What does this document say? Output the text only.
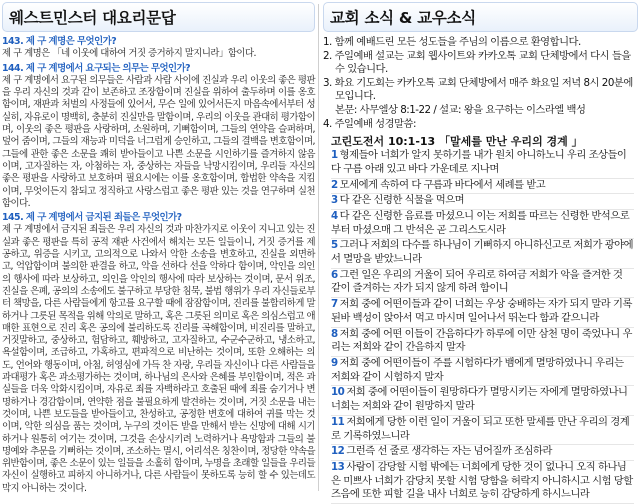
웨스트민스터 대요리문답
143. 제 구 계명은 무엇인가?
제 구 계명은 「네 이웃에 대하여 거짓 증거하지 말지니라」함이다.
144. 제 구 계명에서 요구되는 의무는 무엇인가?
제 구 계명에서 요구된 의무들은 사람과 사람 사이에 진실과 우리 이웃의 좋은 평판을 우리 자신의 것과 같이 보존하고 조장함이며 진실을 위하여 출두하며 이를 옹호함이며, 재판과 처벌의 사정들에 있어서, 무슨 일에 있어서든지 마음속에서부터 성실히, 자유로이 명백히, 충분히 진실만을 말함이며, 우리의 이웃을 관대히 평가함이며, 이웃의 좋은 평판을 사랑하며, 소원하며, 기뻐함이며, 그들의 연약을 슬퍼하며, 덮어 줌이며, 그들의 재능과 미덕을 너그럽게 승인하고, 그들의 결백을 변호함이며, 그들에 관한 좋은 소문을 쾌히 받아들이고 나쁜 소문을 시인하기를 즐겨하지 않음이며, 고자질하는 자, 아첨하는 자, 중상하는 자들을 낙망시킴이며, 우리들 자신의 좋은 평판을 사랑하고 보호하며 필요시에는 이를 옹호함이며, 합법한 약속을 지킴이며, 무엇이든지 참되고 정직하고 사랑스럽고 좋은 평판 있는 것을 연구하며 실천함이다.
145. 제 구 계명에서 금지된 죄들은 무엇인가?
제 구 계명에서 금지된 죄들은 우리 자신의 것과 마찬가지로 이웃이 지니고 있는 진실과 좋은 평판을 특히 공적 재판 사건에서 해치는 모든 일들이니, 거짓 증거를 제공하고, 위증을 시키고, 고의적으로 나와서 악한 소송을 변호하고, 진실을 외면하고, 억압함이며 불의한 판결을 하고, 악을 선하다 선을 악하다 함이며, 악인을 의인의 행사에 따라 보상하고, 의인을 악인의 행사에 따라 보상하는 것이며, 문서 위조, 진실을 은폐, 공의의 소송에도 불구하고 부당한 침묵, 불법 행위가 우리 자신들로부터 책망을, 다른 사람들에게 항고를 요구할 때에 잠잠함이며, 진리를 불합리하게 말하거나 그릇된 목적을 위해 악의로 말하고, 혹은 그릇된 의미로 혹은 의심스럽고 애매한 표현으로 진리 혹은 공의에 불리하도록 진리를 곡해함이며, 비진리를 말하고, 거짓말하고, 중상하고, 험담하고, 훼방하고, 고자질하고, 수군수군하고, 냉소하고, 욕설함이며, 조급하고, 가혹하고, 편파적으로 비난하는 것이며, 또한 오해하는 의도, 언어와 행동이며, 아첨, 허영심에 가득 찬 자랑, 우리들 자신이나 다른 사람들을 과대평가 혹은 과소평가하는 것이며, 하나님의 은사와 은혜를 부인함이며, 적은 과실들을 더욱 악화시킴이며, 자유로 죄를 자백하라고 호출된 때에 죄를 숨기거나 변명하거나 경감함이며, 연약한 점을 불필요하게 발견하는 것이며, 거짓 소문을 내는 것이며, 나쁜 보도들을 받아들이고, 찬성하고, 공정한 변호에 대하여 귀를 막는 것이며, 악한 의심을 품는 것이며, 누구의 것이든 받을 만해서 받는 신망에 대해 시기하거나 원통히 여기는 것이며, 그것을 손상시키려 노력하거나 욕망함과 그들의 불명예와 추문을 기뻐하는 것이며, 조소하는 멸시, 어리석은 칭찬이며, 정당한 약속을 위반함이며, 좋은 소문이 있는 일들을 소홀히 함이며, 누명을 초래할 일들을 우리들 자신이 실행하고 피하지 아니하거나, 다른 사람들이 못하도록 능히 할 수 있는데도 막지 아니하는 것이다.
교회 소식 & 교우소식
1. 함께 예배드린 모든 성도들을 주님의 이름으로 환영합니다.
2. 주일예배 설교는 교회 웹사이트와 카카오톡 교회 단체방에서 다시 들을 수 있습니다.
3. 화요 기도회는 카카오톡 교회 단체방에서 매주 화요일 저녁 8시 20분에 모입니다.
본문: 사무엘상 8:1-22 / 설교: 왕을 요구하는 이스라엘 백성
4. 주일예배 성경말씀:
고린도전서 10:1-13 「말세를 만난 우리의 경계 」

1 형제들아 너희가 알지 못하기를 내가 원치 아니하노니 우리 조상들이 다 구름 아래 있고 바다 가운데로 지나며

2 모세에게 속하여 다 구름과 바다에서 세례를 받고

3 다 같은 신령한 식물을 먹으며

4 다 같은 신령한 음료를 마셨으니 이는 저희를 따르는 신령한 반석으로부터 마셨으매 그 반석은 곧 그리스도시라

5 그러나 저희의 다수를 하나님이 기뻐하지 아니하신고로 저희가 광야에서 멸망을 받았느니라

6 그런 일은 우리의 거울이 되어 우리로 하여금 저희가 악을 즐겨한 것 같이 즐겨하는 자가 되지 않게 하려 함이니

7 저희 중에 어떤이들과 같이 너희는 우상 숭배하는 자가 되지 말라 기록된바 백성이 앉아서 먹고 마시며 일어나서 뛰논다 함과 같으니라

8 저희 중에 어떤 이들이 간음하다가 하루에 이만 삼천 명이 죽었나니 우리는 저희와 같이 간음하지 말자

9 저희 중에 어떤이들이 주를 시험하다가 뱀에게 멸망하였나니 우리는 저희와 같이 시험하지 말자

10 저희 중에 어떤이들이 원망하다가 멸망시키는 자에게 멸망하였나니 너희는 저희와 같이 원망하지 말라

11 저희에게 당한 이런 일이 거울이 되고 또한 말세를 만난 우리의 경계로 기록하였느니라

12 그런즉 선 줄로 생각하는 자는 넘어질까 조심하라

13 사람이 감당할 시험 밖에는 너희에게 당한 것이 없나니 오직 하나님은 미쁘사 너희가 감당치 못할 시험 당함을 허락지 아니하시고 시험 당할 즈음에 또한 피할 길을 내사 너희로 능히 감당하게 하시느니라
